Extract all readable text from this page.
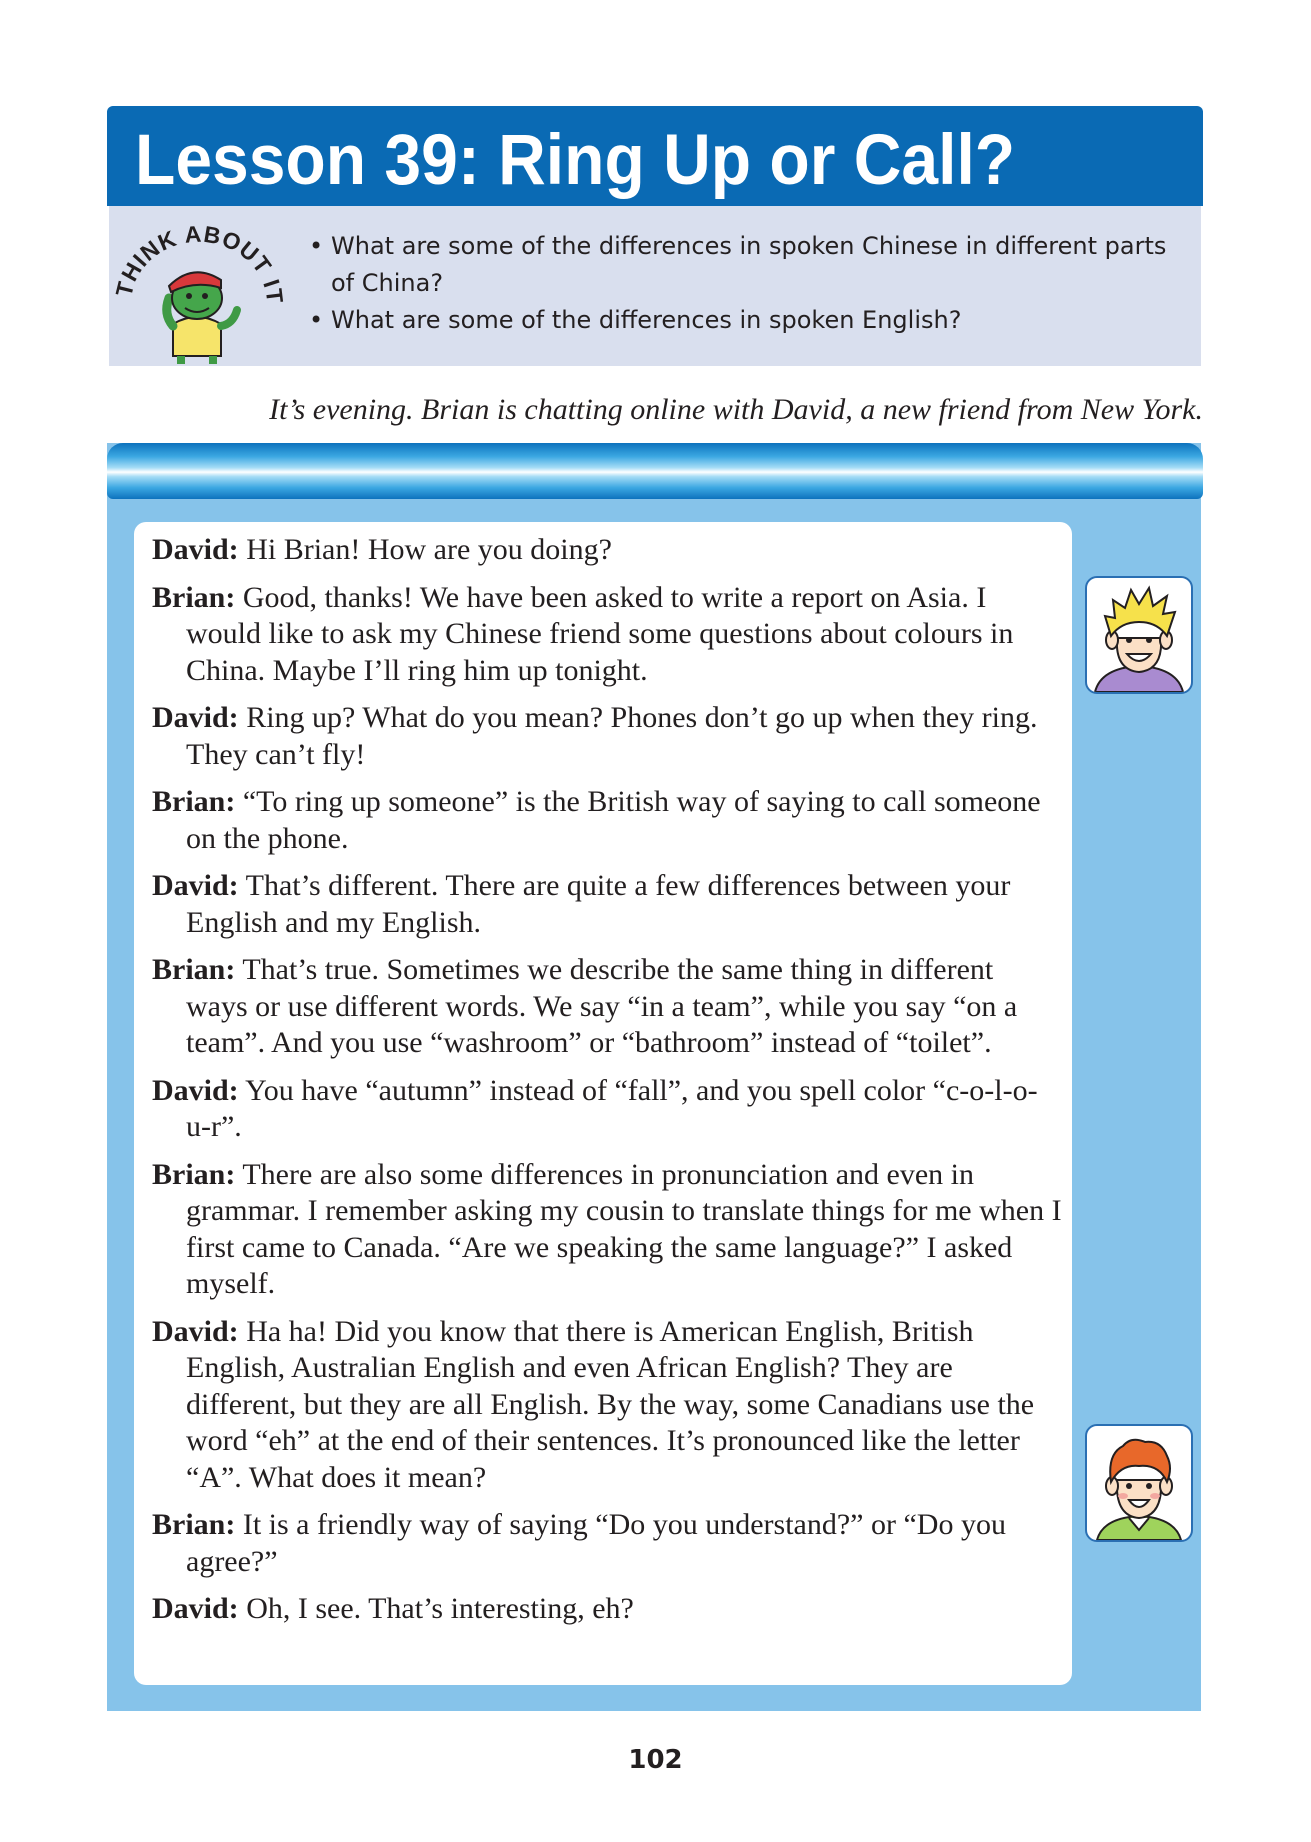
Lesson 39: Ring Up or Call?
THINK ABOUT IT
• What are some of the differences in spoken Chinese in different parts of China?
• What are some of the differences in spoken English?
It’s evening. Brian is chatting online with David, a new friend from New York.
David: Hi Brian! How are you doing?
Brian: Good, thanks! We have been asked to write a report on Asia. I would like to ask my Chinese friend some questions about colours in China. Maybe I’ll ring him up tonight.
David: Ring up? What do you mean? Phones don’t go up when they ring. They can’t fly!
Brian: “To ring up someone” is the British way of saying to call someone on the phone.
David: That’s different. There are quite a few differences between your English and my English.
Brian: That’s true. Sometimes we describe the same thing in different ways or use different words. We say “in a team”, while you say “on a team”. And you use “washroom” or “bathroom” instead of “toilet”.
David: You have “autumn” instead of “fall”, and you spell color “c-o-l-o-u-r”.
Brian: There are also some differences in pronunciation and even in grammar. I remember asking my cousin to translate things for me when I first came to Canada. “Are we speaking the same language?” I asked myself.
David: Ha ha! Did you know that there is American English, British English, Australian English and even African English? They are different, but they are all English. By the way, some Canadians use the word “eh” at the end of their sentences. It’s pronounced like the letter “A”. What does it mean?
Brian: It is a friendly way of saying “Do you understand?” or “Do you agree?”
David: Oh, I see. That’s interesting, eh?
102
